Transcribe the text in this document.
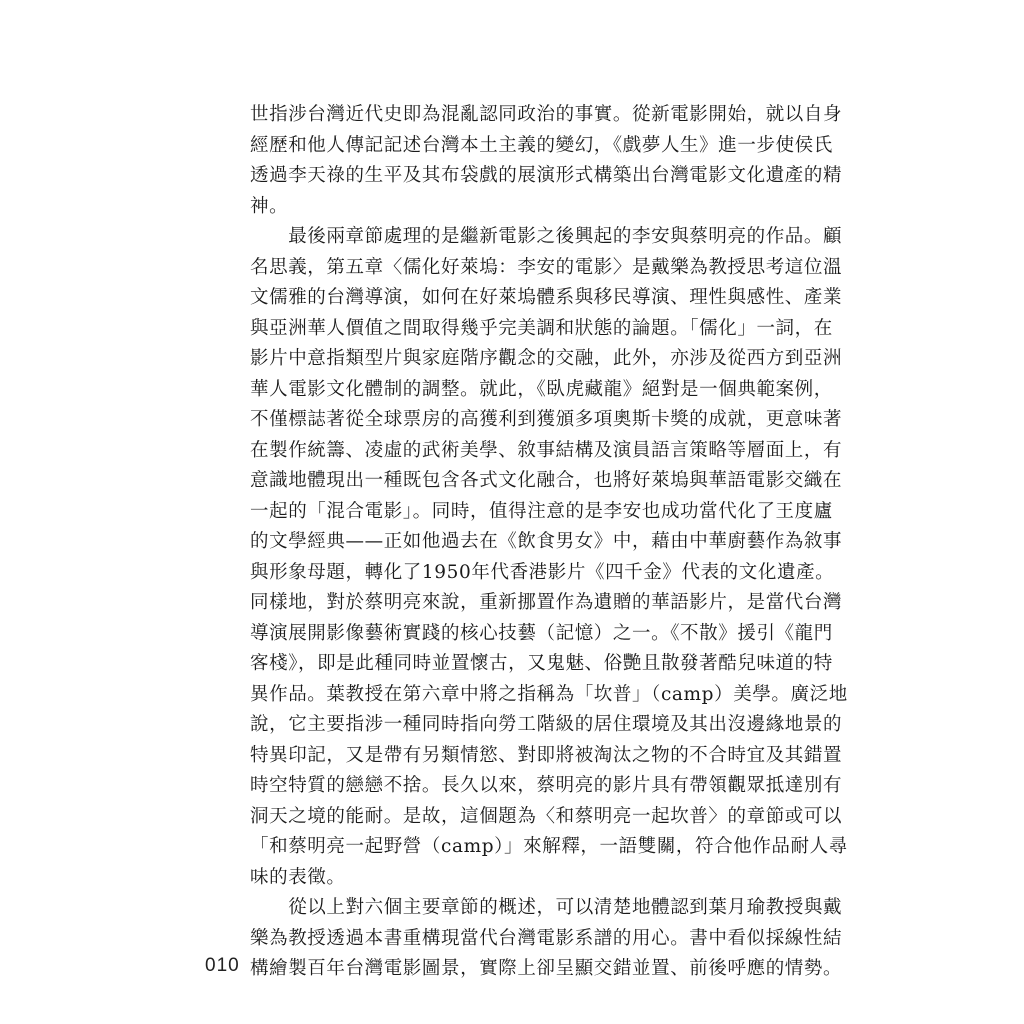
世指涉台灣近代史即為混亂認同政治的事實。從新電影開始，就以自身
經歷和他人傳記記述台灣本土主義的變幻，《戲夢人生》進一步使侯氏
透過李天祿的生平及其布袋戲的展演形式構築出台灣電影文化遺產的精
神。
　　最後兩章節處理的是繼新電影之後興起的李安與蔡明亮的作品。顧
名思義，第五章〈儒化好萊塢：李安的電影〉是戴樂為教授思考這位溫
文儒雅的台灣導演，如何在好萊塢體系與移民導演、理性與感性、產業
與亞洲華人價值之間取得幾乎完美調和狀態的論題。「儒化」一詞，在
影片中意指類型片與家庭階序觀念的交融，此外，亦涉及從西方到亞洲
華人電影文化體制的調整。就此，《臥虎藏龍》絕對是一個典範案例，
不僅標誌著從全球票房的高獲利到獲頒多項奧斯卡獎的成就，更意味著
在製作統籌、凌虛的武術美學、敘事結構及演員語言策略等層面上，有
意識地體現出一種既包含各式文化融合，也將好萊塢與華語電影交織在
一起的「混合電影」。同時，值得注意的是李安也成功當代化了王度廬
的文學經典——正如他過去在《飲食男女》中，藉由中華廚藝作為敘事
與形象母題，轉化了1950年代香港影片《四千金》代表的文化遺產。
同樣地，對於蔡明亮來說，重新挪置作為遺贈的華語影片，是當代台灣
導演展開影像藝術實踐的核心技藝（記憶）之一。《不散》援引《龍門
客棧》，即是此種同時並置懷古，又鬼魅、俗艷且散發著酷兒味道的特
異作品。葉教授在第六章中將之指稱為「坎普」（camp）美學。廣泛地
說，它主要指涉一種同時指向勞工階級的居住環境及其出沒邊緣地景的
特異印記，又是帶有另類情慾、對即將被淘汰之物的不合時宜及其錯置
時空特質的戀戀不捨。長久以來，蔡明亮的影片具有帶領觀眾抵達別有
洞天之境的能耐。是故，這個題為〈和蔡明亮一起坎普〉的章節或可以
「和蔡明亮一起野營（camp）」來解釋，一語雙關，符合他作品耐人尋
味的表徵。
　　從以上對六個主要章節的概述，可以清楚地體認到葉月瑜教授與戴
樂為教授透過本書重構現當代台灣電影系譜的用心。書中看似採線性結
構繪製百年台灣電影圖景，實際上卻呈顯交錯並置、前後呼應的情勢。
010
